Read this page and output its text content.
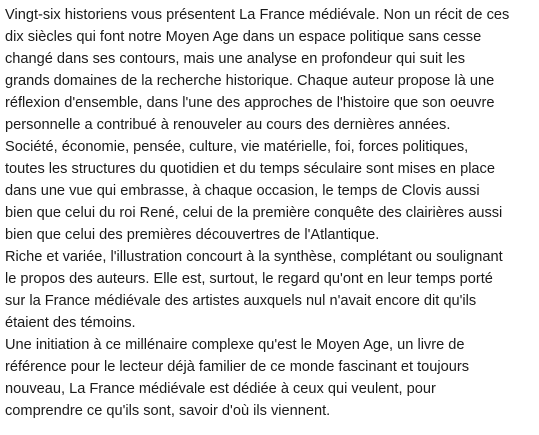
Vingt-six historiens vous présentent La France médiévale. Non un récit de ces
dix siècles qui font notre Moyen Age dans un espace politique sans cesse
changé dans ses contours, mais une analyse en profondeur qui suit les
grands domaines de la recherche historique. Chaque auteur propose là une
réflexion d'ensemble, dans l'une des approches de l'histoire que son oeuvre
personnelle a contribué à renouveler au cours des dernières années.
Société, économie, pensée, culture, vie matérielle, foi, forces politiques,
toutes les structures du quotidien et du temps séculaire sont mises en place
dans une vue qui embrasse, à chaque occasion, le temps de Clovis aussi
bien que celui du roi René, celui de la première conquête des clairières aussi
bien que celui des premières découvertres de l'Atlantique.
Riche et variée, l'illustration concourt à la synthèse, complétant ou soulignant
le propos des auteurs. Elle est, surtout, le regard qu'ont en leur temps porté
sur la France médiévale des artistes auxquels nul n'avait encore dit qu'ils
étaient des témoins.
Une initiation à ce millénaire complexe qu'est le Moyen Age, un livre de
référence pour le lecteur déjà familier de ce monde fascinant et toujours
nouveau, La France médiévale est dédiée à ceux qui veulent, pour
comprendre ce qu'ils sont, savoir d'où ils viennent.
